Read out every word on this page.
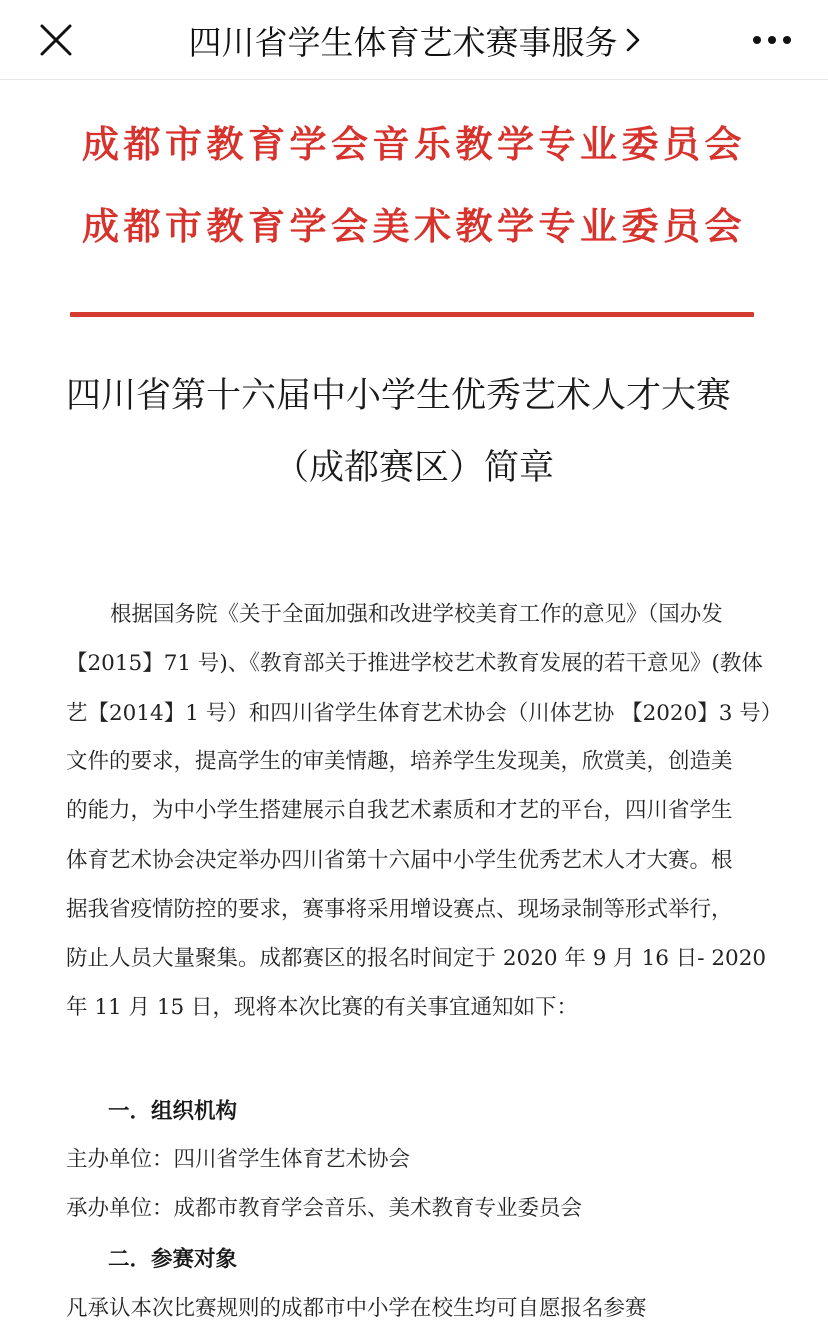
四川省学生体育艺术赛事服务
成都市教育学会音乐教学专业委员会
成都市教育学会美术教学专业委员会
四川省第十六届中小学生优秀艺术人才大赛
（成都赛区）简章
根据国务院《关于全面加强和改进学校美育工作的意见》（国办发
【2015】71 号)、《教育部关于推进学校艺术教育发展的若干意见》(教体
艺【2014】1 号）和四川省学生体育艺术协会（川体艺协 【2020】3 号）
文件的要求，提高学生的审美情趣，培养学生发现美，欣赏美，创造美
的能力，为中小学生搭建展示自我艺术素质和才艺的平台，四川省学生
体育艺术协会决定举办四川省第十六届中小学生优秀艺术人才大赛。根
据我省疫情防控的要求，赛事将采用增设赛点、现场录制等形式举行，
防止人员大量聚集。成都赛区的报名时间定于 2020 年 9 月 16 日- 2020
年 11 月 15 日，现将本次比赛的有关事宜通知如下：
一．组织机构
主办单位：四川省学生体育艺术协会
承办单位：成都市教育学会音乐、美术教育专业委员会
二．参赛对象
凡承认本次比赛规则的成都市中小学在校生均可自愿报名参赛
